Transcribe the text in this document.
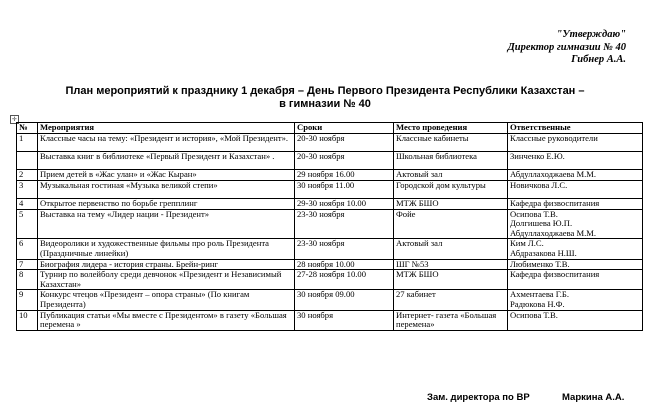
"Утверждаю"
Директор гимназии № 40
Гибнер А.А.
План мероприятий к празднику 1 декабря – День Первого Президента Республики Казахстан –
в гимназии № 40
✛
№	Мероприятия	Сроки	Место проведения	Ответственные
1	Классные часы на тему: «Президент и история», «Мой Президент».	20-30 ноября	Классные кабинеты	Классные руководители
	Выставка книг в библиотеке «Первый Президент и Казахстан» .	20-30 ноября	Школьная библиотека	Зинченко Е.Ю.
2	Прием детей в «Жас улан» и «Жас Кыран»	29 ноября 16.00	Актовый зал	Абдуллаходжаева М.М.
3	Музыкальная гостиная «Музыка великой степи»	30 ноября 11.00	Городской дом культуры	Новичкова Л.С.
4	Открытое первенство по борьбе грепплинг	29-30 ноября 10.00	МТЖ БШО	Кафедра физвоспитания
5	Выставка на тему «Лидер нации - Президент»	23-30 ноября	Фойе	Осипова Т.В.
Долгишева Ю.П.
Абдуллаходжаева М.М.
6	Видеоролики и художественные фильмы про роль Президента (Праздничные линейки)	23-30 ноября	Актовый зал	Ким Л.С.
Абдразакова Н.Ш.
7	Биография лидера - история страны. Брейн-ринг	28 ноября 10.00	ШГ №53	Любименко Т.В.
8	Турнир по волейболу среди девчонок «Президент и Независимый Казахстан»	27-28 ноября 10.00	МТЖ БШО	Кафедра физвоспитания
9	Конкурс чтецов «Президент – опора страны» (По книгам Президента)	30 ноября 09.00	27 кабинет	Ахментаева Г.Б.
Радюкова Н.Ф.
10	Публикация статьи «Мы вместе с Президентом» в газету «Большая перемена »	30 ноября	Интернет- газета «Большая перемена»	Осипова Т.В.
Зам. директора по ВР	Маркина А.А.
